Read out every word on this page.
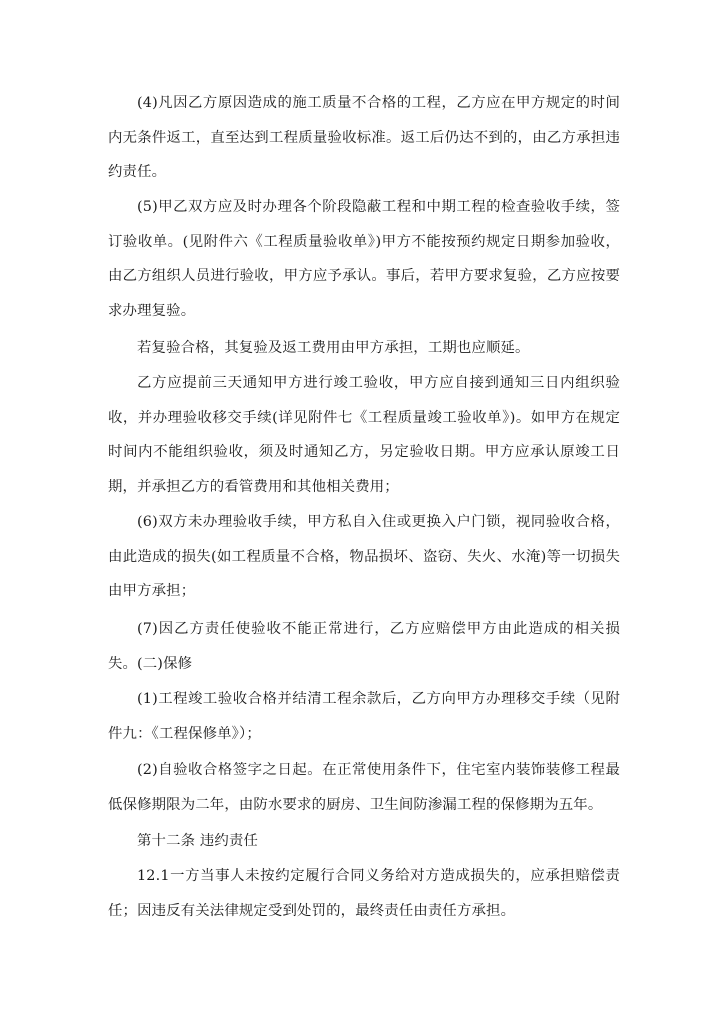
(4)凡因乙方原因造成的施工质量不合格的工程，乙方应在甲方规定的时间内无条件返工，直至达到工程质量验收标准。返工后仍达不到的，由乙方承担违约责任。

(5)甲乙双方应及时办理各个阶段隐蔽工程和中期工程的检查验收手续，签订验收单。(见附件六《工程质量验收单》)甲方不能按预约规定日期参加验收，由乙方组织人员进行验收，甲方应予承认。事后，若甲方要求复验，乙方应按要求办理复验。

若复验合格，其复验及返工费用由甲方承担，工期也应顺延。

乙方应提前三天通知甲方进行竣工验收，甲方应自接到通知三日内组织验收，并办理验收移交手续(详见附件七《工程质量竣工验收单》)。如甲方在规定时间内不能组织验收，须及时通知乙方，另定验收日期。甲方应承认原竣工日期，并承担乙方的看管费用和其他相关费用；

(6)双方未办理验收手续，甲方私自入住或更换入户门锁，视同验收合格，由此造成的损失(如工程质量不合格，物品损坏、盗窃、失火、水淹)等一切损失由甲方承担；

(7)因乙方责任使验收不能正常进行，乙方应赔偿甲方由此造成的相关损失。 (二)保修

(1)工程竣工验收合格并结清工程余款后，乙方向甲方办理移交手续（见附件九：《工程保修单》）；

(2)自验收合格签字之日起。在正常使用条件下，住宅室内装饰装修工程最低保修期限为二年，由防水要求的厨房、卫生间防渗漏工程的保修期为五年。

第十二条 违约责任

12.1一方当事人未按约定履行合同义务给对方造成损失的，应承担赔偿责任；因违反有关法律规定受到处罚的，最终责任由责任方承担。
